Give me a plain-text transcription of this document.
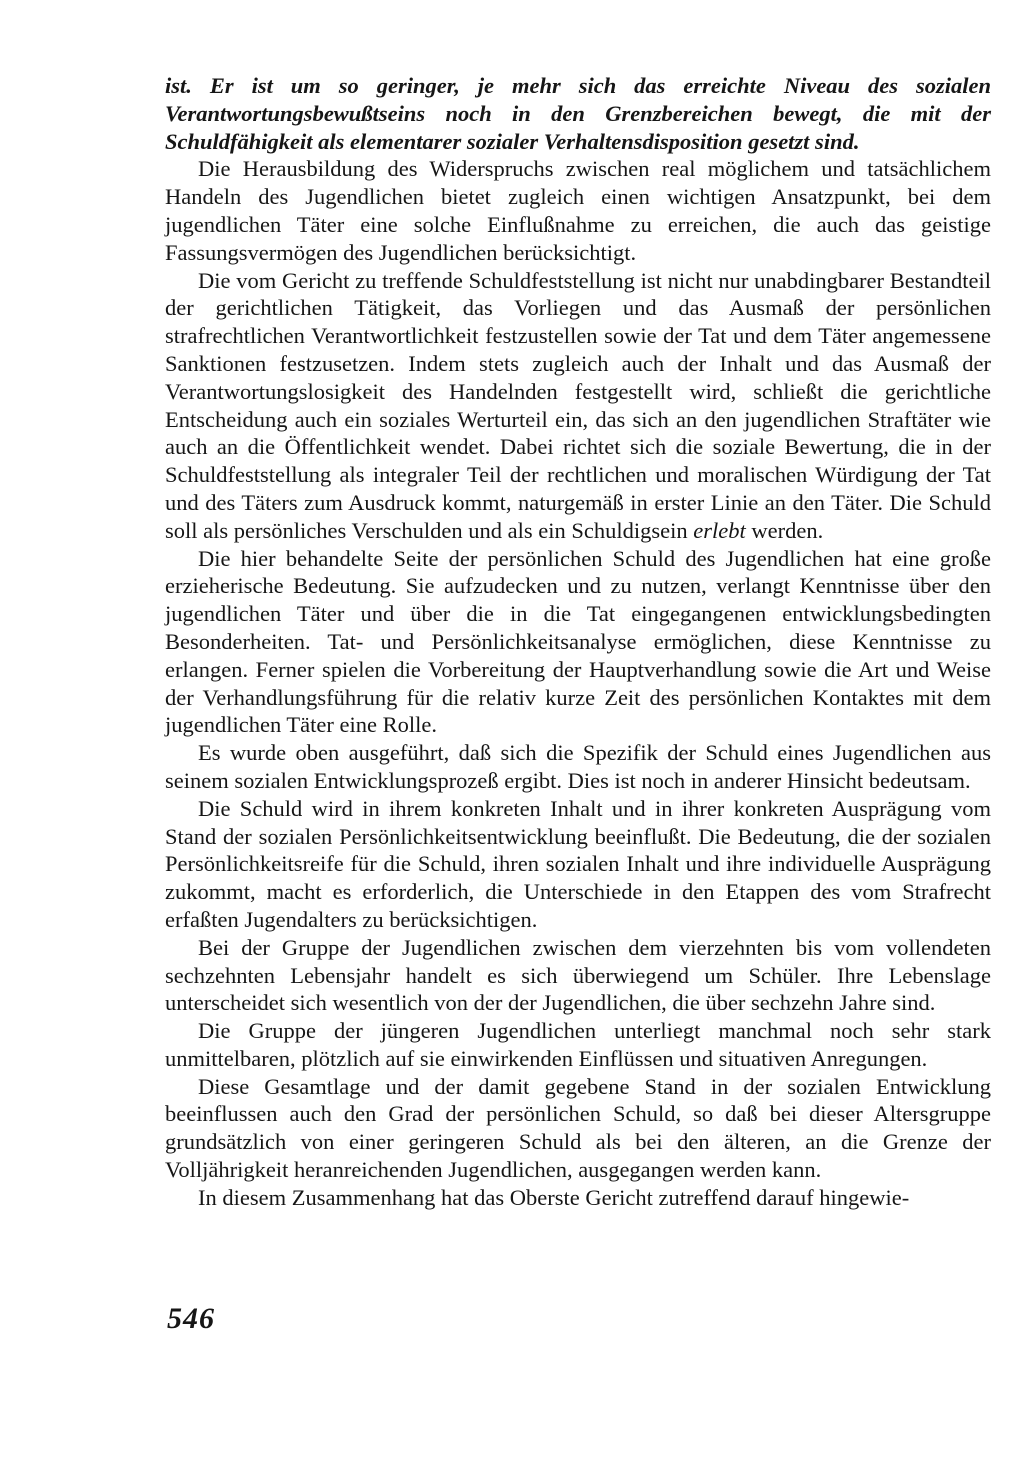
ist. Er ist um so geringer, je mehr sich das erreichte Niveau des sozialen Verantwortungsbewußtseins noch in den Grenzbereichen bewegt, die mit der Schuldfähigkeit als elementarer sozialer Verhaltensdisposition gesetzt sind.

Die Herausbildung des Widerspruchs zwischen real möglichem und tatsächlichem Handeln des Jugendlichen bietet zugleich einen wichtigen Ansatzpunkt, bei dem jugendlichen Täter eine solche Einflußnahme zu erreichen, die auch das geistige Fassungsvermögen des Jugendlichen berücksichtigt.

Die vom Gericht zu treffende Schuldfeststellung ist nicht nur unabdingbarer Bestandteil der gerichtlichen Tätigkeit, das Vorliegen und das Ausmaß der persönlichen strafrechtlichen Verantwortlichkeit festzustellen sowie der Tat und dem Täter angemessene Sanktionen festzusetzen. Indem stets zugleich auch der Inhalt und das Ausmaß der Verantwortungslosigkeit des Handelnden festgestellt wird, schließt die gerichtliche Entscheidung auch ein soziales Werturteil ein, das sich an den jugendlichen Straftäter wie auch an die Öffentlichkeit wendet. Dabei richtet sich die soziale Bewertung, die in der Schuldfeststellung als integraler Teil der rechtlichen und moralischen Würdigung der Tat und des Täters zum Ausdruck kommt, naturgemäß in erster Linie an den Täter. Die Schuld soll als persönliches Verschulden und als ein Schuldigsein erlebt werden.

Die hier behandelte Seite der persönlichen Schuld des Jugendlichen hat eine große erzieherische Bedeutung. Sie aufzudecken und zu nutzen, verlangt Kenntnisse über den jugendlichen Täter und über die in die Tat eingegangenen entwicklungsbedingten Besonderheiten. Tat- und Persönlichkeitsanalyse ermöglichen, diese Kenntnisse zu erlangen. Ferner spielen die Vorbereitung der Hauptverhandlung sowie die Art und Weise der Verhandlungsführung für die relativ kurze Zeit des persönlichen Kontaktes mit dem jugendlichen Täter eine Rolle.

Es wurde oben ausgeführt, daß sich die Spezifik der Schuld eines Jugendlichen aus seinem sozialen Entwicklungsprozeß ergibt. Dies ist noch in anderer Hinsicht bedeutsam.

Die Schuld wird in ihrem konkreten Inhalt und in ihrer konkreten Ausprägung vom Stand der sozialen Persönlichkeitsentwicklung beeinflußt. Die Bedeutung, die der sozialen Persönlichkeitsreife für die Schuld, ihren sozialen Inhalt und ihre individuelle Ausprägung zukommt, macht es erforderlich, die Unterschiede in den Etappen des vom Strafrecht erfaßten Jugendalters zu berücksichtigen.

Bei der Gruppe der Jugendlichen zwischen dem vierzehnten bis vom vollendeten sechzehnten Lebensjahr handelt es sich überwiegend um Schüler. Ihre Lebenslage unterscheidet sich wesentlich von der der Jugendlichen, die über sechzehn Jahre sind.

Die Gruppe der jüngeren Jugendlichen unterliegt manchmal noch sehr stark unmittelbaren, plötzlich auf sie einwirkenden Einflüssen und situativen Anregungen.

Diese Gesamtlage und der damit gegebene Stand in der sozialen Entwicklung beeinflussen auch den Grad der persönlichen Schuld, so daß bei dieser Altersgruppe grundsätzlich von einer geringeren Schuld als bei den älteren, an die Grenze der Volljährigkeit heranreichenden Jugendlichen, ausgegangen werden kann.

In diesem Zusammenhang hat das Oberste Gericht zutreffend darauf hingewie-

546
